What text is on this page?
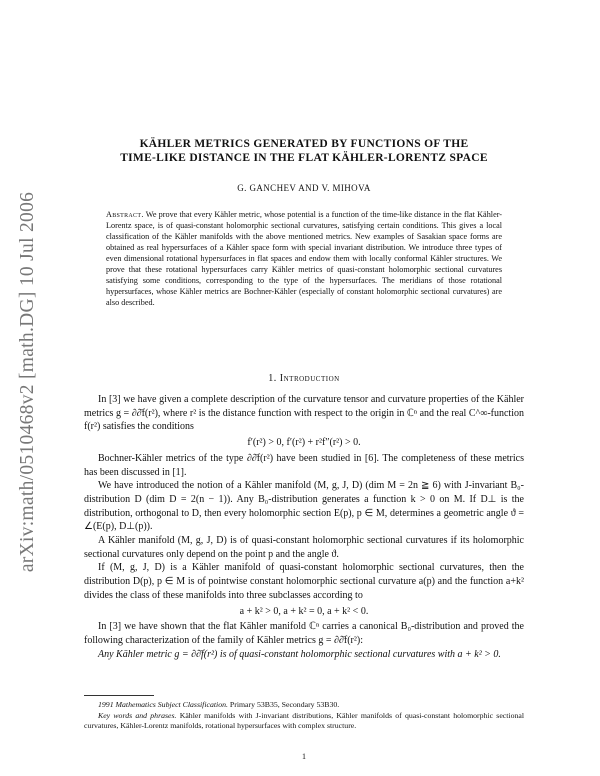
arXiv:math/0510468v2 [math.DG] 10 Jul 2006
KÄHLER METRICS GENERATED BY FUNCTIONS OF THE
TIME-LIKE DISTANCE IN THE FLAT KÄHLER-LORENTZ SPACE
G. GANCHEV AND V. MIHOVA
Abstract. We prove that every Kähler metric, whose potential is a function of the time-like distance in the flat Kähler-Lorentz space, is of quasi-constant holomorphic sectional curvatures, satisfying certain conditions. This gives a local classification of the Kähler manifolds with the above mentioned metrics. New examples of Sasakian space forms are obtained as real hypersurfaces of a Kähler space form with special invariant distribution. We introduce three types of even dimensional rotational hypersurfaces in flat spaces and endow them with locally conformal Kähler structures. We prove that these rotational hypersurfaces carry Kähler metrics of quasi-constant holomorphic sectional curvatures satisfying some conditions, corresponding to the type of the hypersurfaces. The meridians of those rotational hypersurfaces, whose Kähler metrics are Bochner-Kähler (especially of constant holomorphic sectional curvatures) are also described.
1. Introduction

In [3] we have given a complete description of the curvature tensor and curvature properties of the Kähler metrics g = ∂∂̄f(r²), where r² is the distance function with respect to the origin in ℂⁿ and the real C^∞-function f(r²) satisfies the conditions

f′(r²) > 0, f′(r²) + r²f″(r²) > 0.

Bochner-Kähler metrics of the type ∂∂̄f(r²) have been studied in [6]. The completeness of these metrics has been discussed in [1].

We have introduced the notion of a Kähler manifold (M, g, J, D) (dim M = 2n ≧ 6) with J-invariant B₀-distribution D (dim D = 2(n − 1)). Any B₀-distribution generates a function k > 0 on M. If D⊥ is the distribution, orthogonal to D, then every holomorphic section E(p), p ∈ M, determines a geometric angle ϑ = ∠(E(p), D⊥(p)).

A Kähler manifold (M, g, J, D) is of quasi-constant holomorphic sectional curvatures if its holomorphic sectional curvatures only depend on the point p and the angle ϑ.

If (M, g, J, D) is a Kähler manifold of quasi-constant holomorphic sectional curvatures, then the distribution D(p), p ∈ M is of pointwise constant holomorphic sectional curvature a(p) and the function a+k² divides the class of these manifolds into three subclasses according to

a + k² > 0, a + k² = 0, a + k² < 0.

In [3] we have shown that the flat Kähler manifold ℂⁿ carries a canonical B₀-distribution and proved the following characterization of the family of Kähler metrics g = ∂∂̄f(r²):

Any Kähler metric g = ∂∂̄f(r²) is of quasi-constant holomorphic sectional curvatures with a + k² > 0.

1991 Mathematics Subject Classification. Primary 53B35, Secondary 53B30.

Key words and phrases. Kähler manifolds with J-invariant distributions, Kähler manifolds of quasi-constant holomorphic sectional curvatures, Kähler-Lorentz manifolds, rotational hypersurfaces with complex structure.

1
